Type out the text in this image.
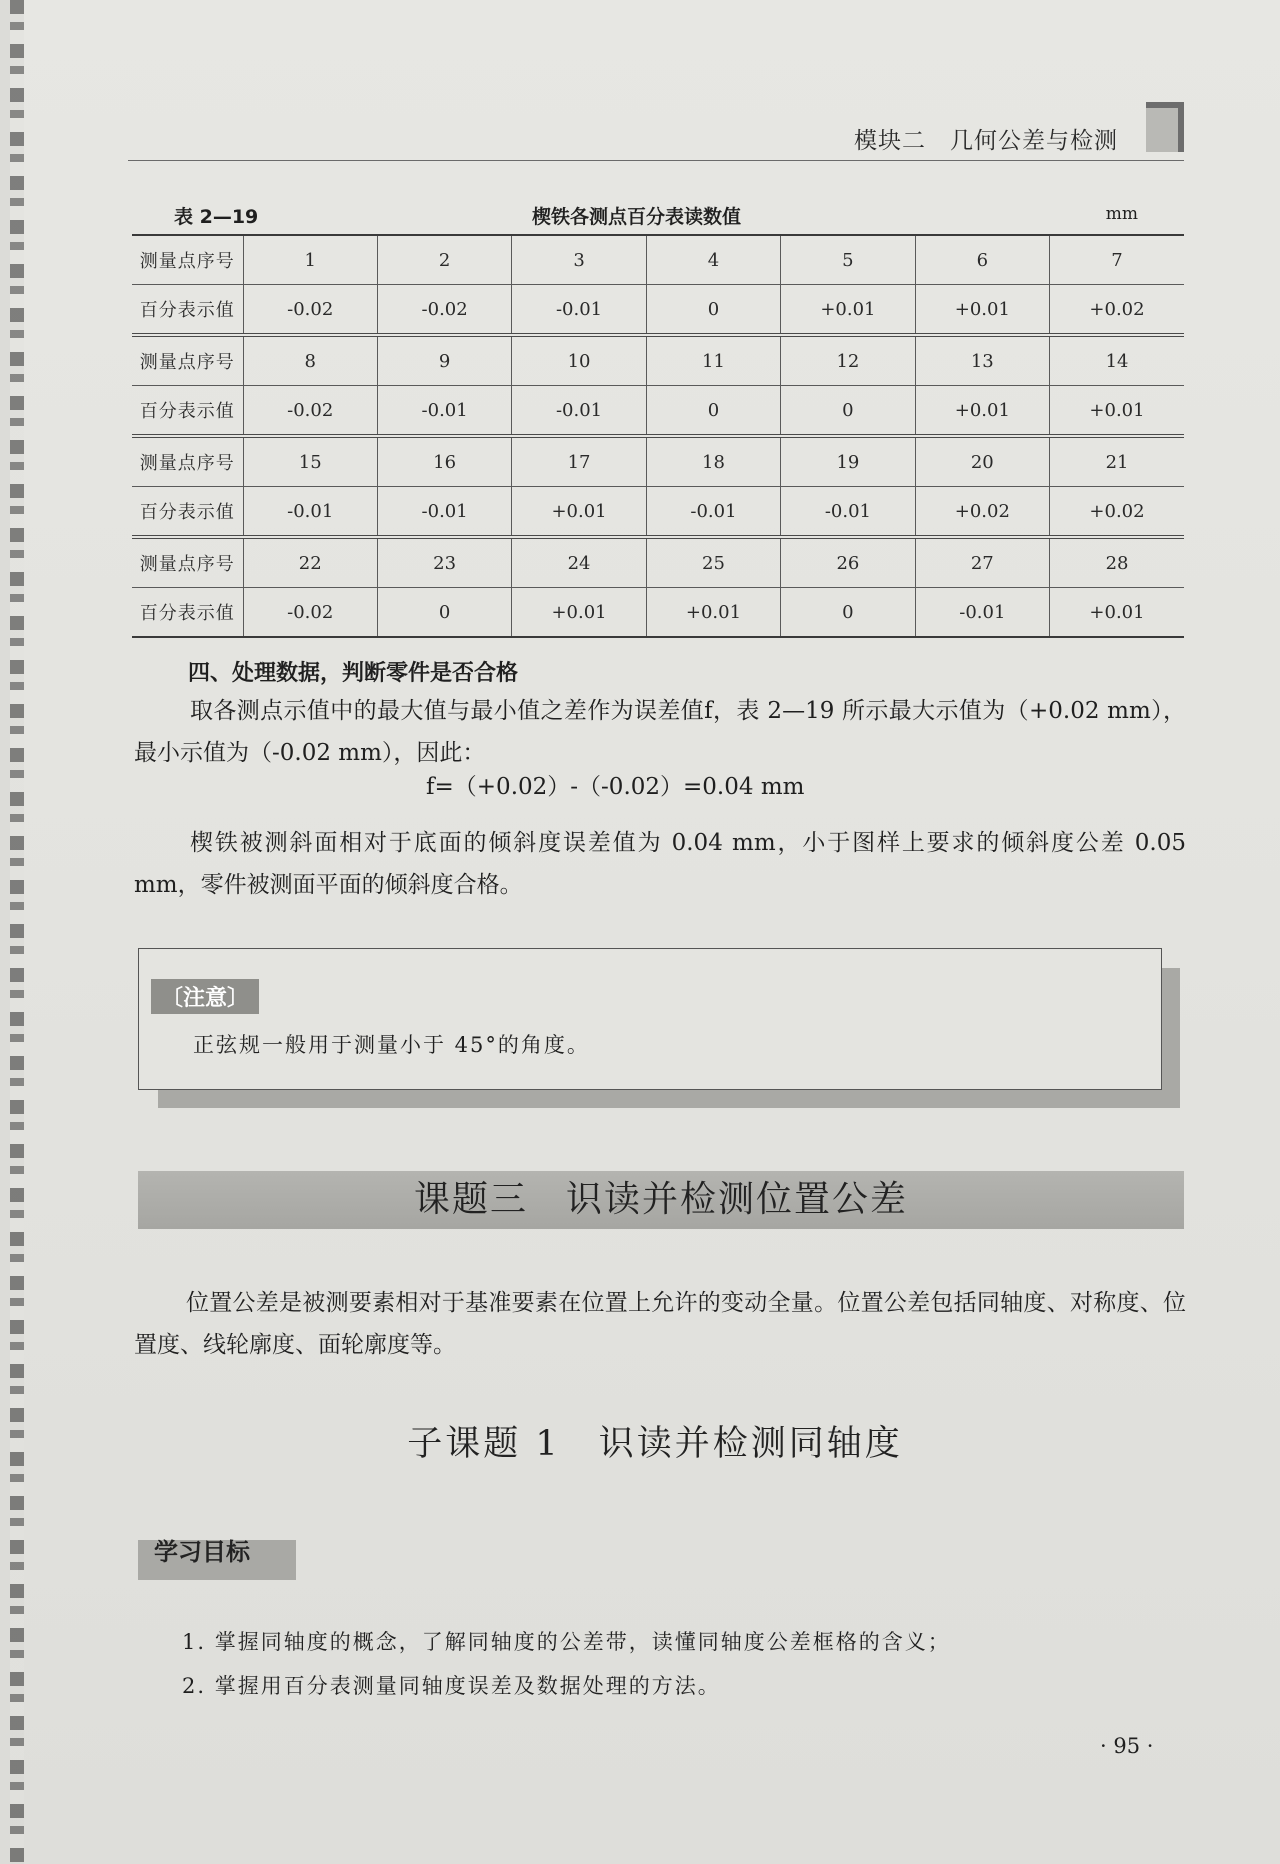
模块二　几何公差与检测
表 2—19	楔铁各测点百分表读数值	mm
测量点序号	1	2	3	4	5	6	7
百分表示值	-0.02	-0.02	-0.01	0	+0.01	+0.01	+0.02
测量点序号	8	9	10	11	12	13	14
百分表示值	-0.02	-0.01	-0.01	0	0	+0.01	+0.01
测量点序号	15	16	17	18	19	20	21
百分表示值	-0.01	-0.01	+0.01	-0.01	-0.01	+0.02	+0.02
测量点序号	22	23	24	25	26	27	28
百分表示值	-0.02	0	+0.01	+0.01	0	-0.01	+0.01
四、处理数据，判断零件是否合格
取各测点示值中的最大值与最小值之差作为误差值f，表 2—19 所示最大示值为（+0.02 mm），最小示值为（-0.02 mm），因此：
f=（+0.02）-（-0.02）=0.04 mm
楔铁被测斜面相对于底面的倾斜度误差值为 0.04 mm，小于图样上要求的倾斜度公差 0.05 mm，零件被测面平面的倾斜度合格。
〔注意〕
正弦规一般用于测量小于 45°的角度。
课题三　识读并检测位置公差
位置公差是被测要素相对于基准要素在位置上允许的变动全量。位置公差包括同轴度、对称度、位置度、线轮廓度、面轮廓度等。
子课题 1　识读并检测同轴度
学习目标
1. 掌握同轴度的概念，了解同轴度的公差带，读懂同轴度公差框格的含义；
2. 掌握用百分表测量同轴度误差及数据处理的方法。
· 95 ·
